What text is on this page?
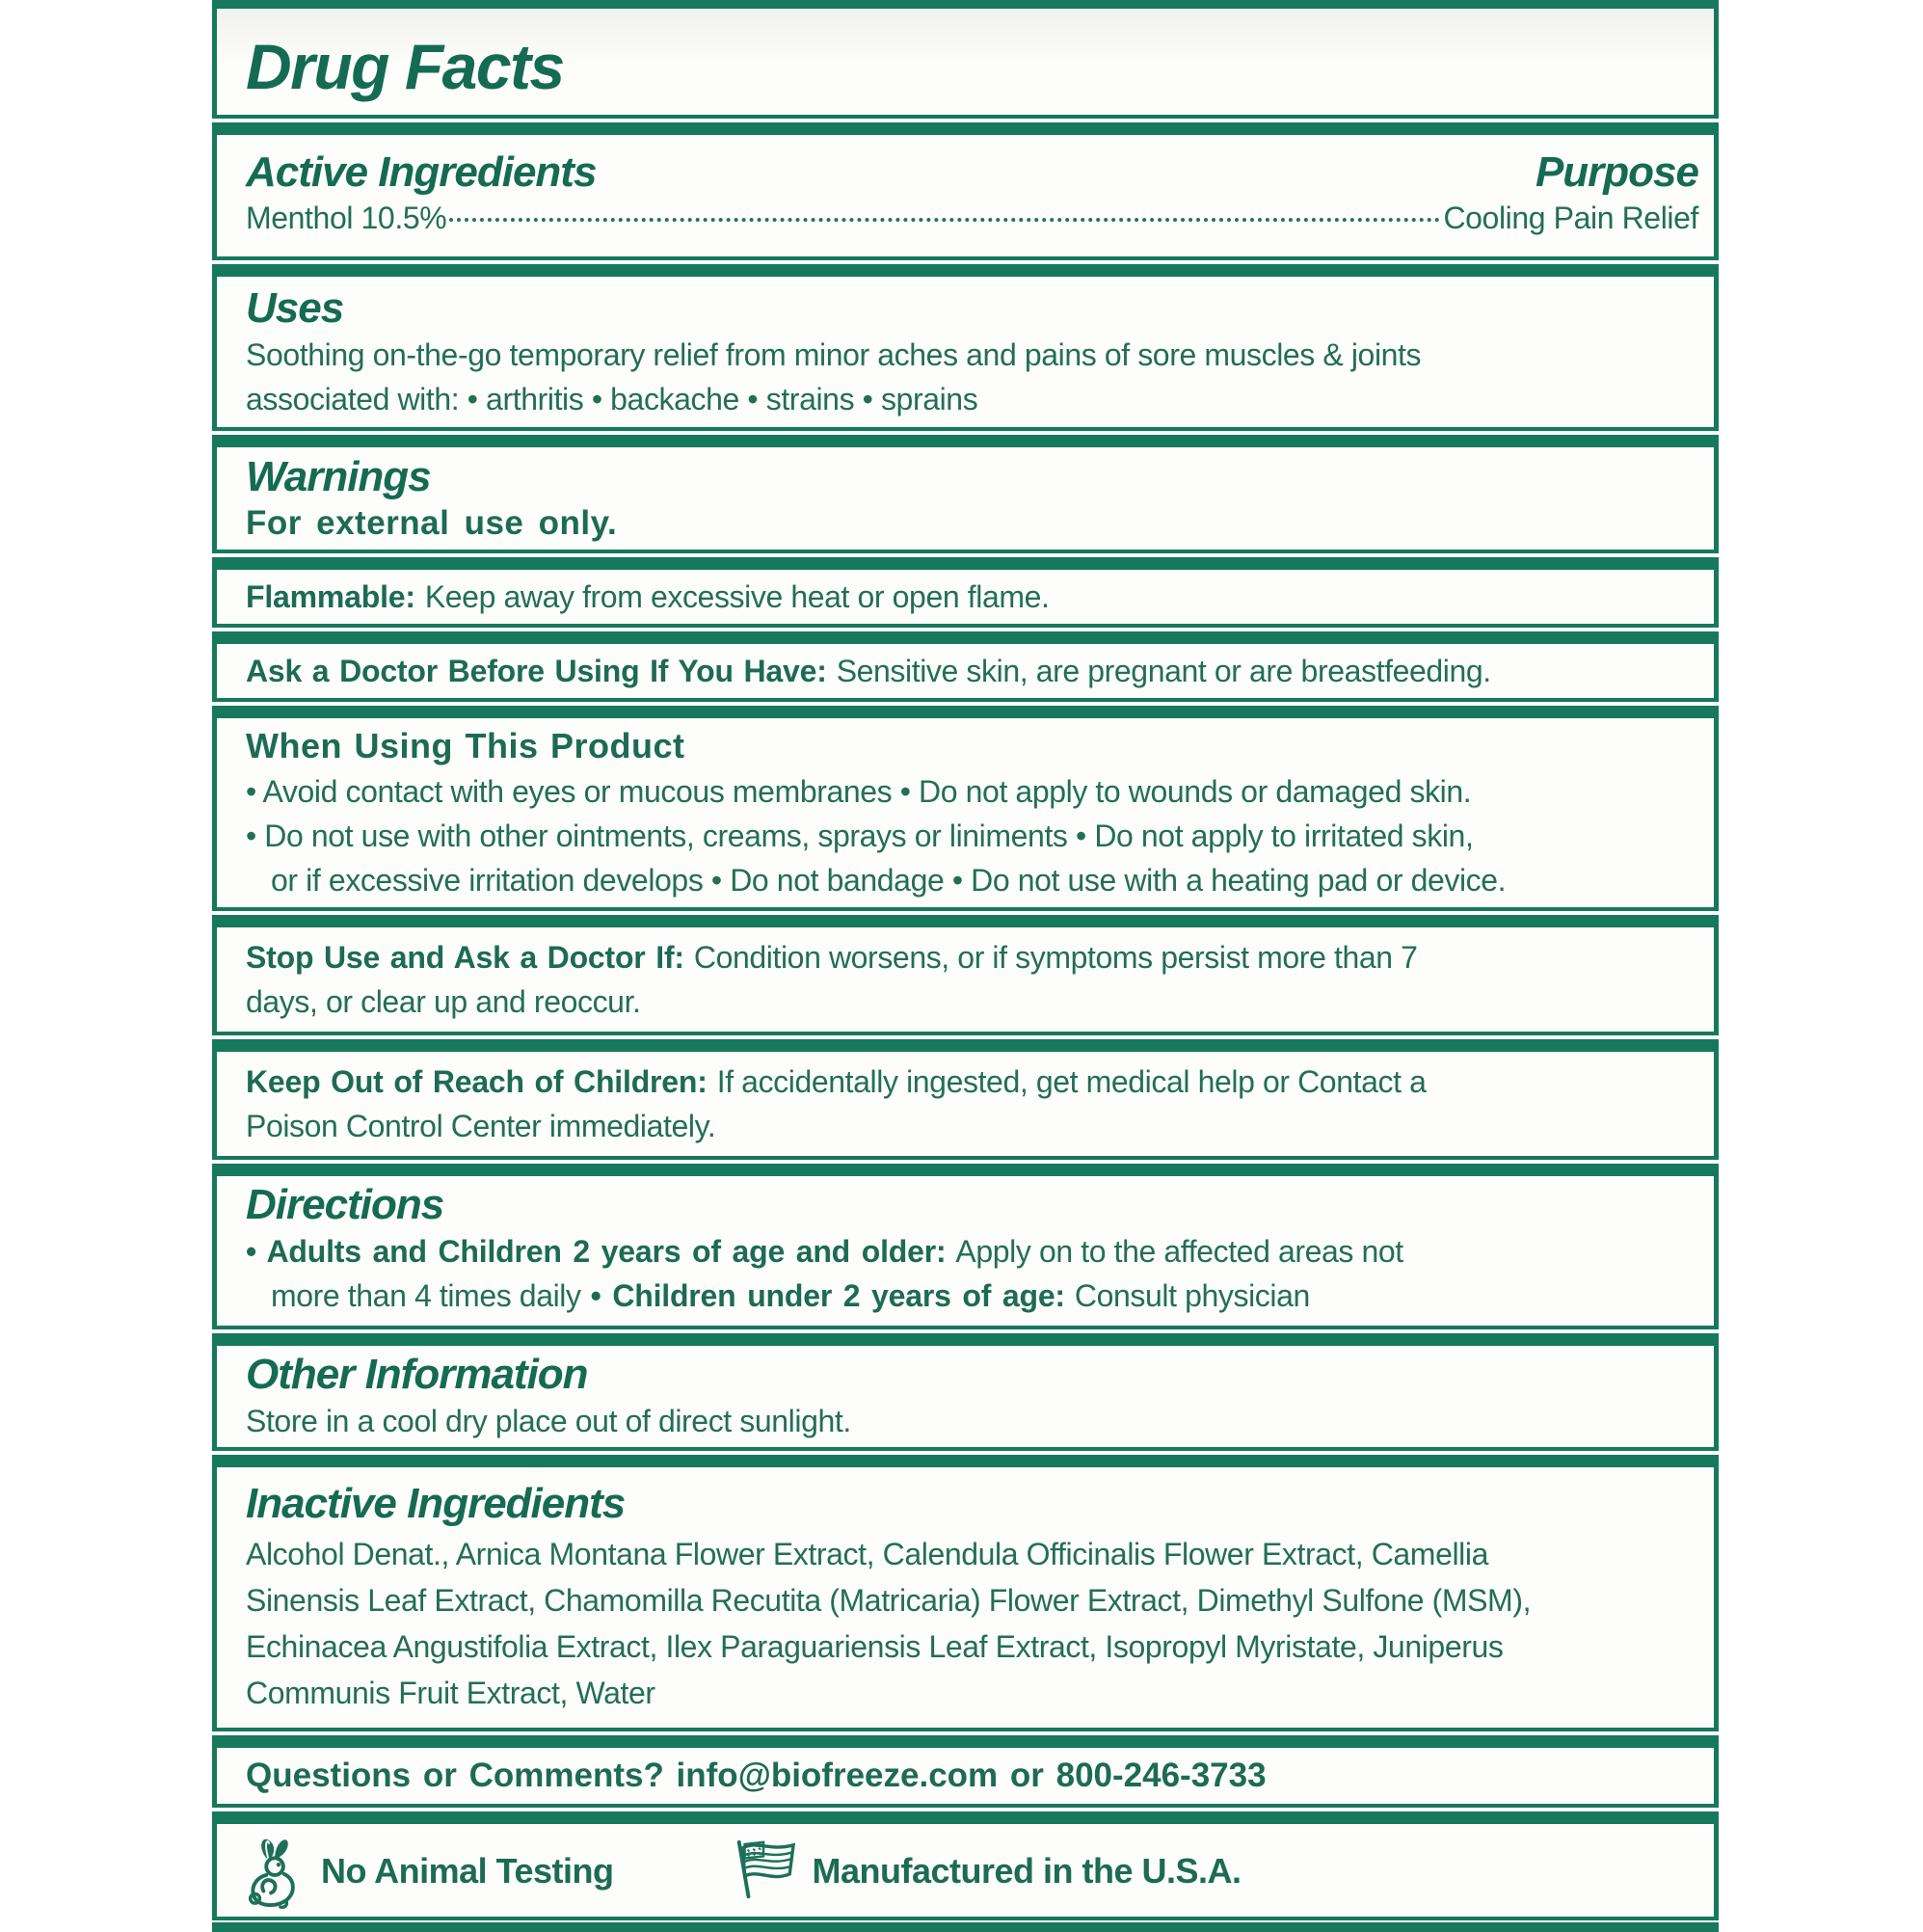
Drug Facts
Active Ingredients	Purpose
Menthol 10.5%	Cooling Pain Relief
Uses
Soothing on-the-go temporary relief from minor aches and pains of sore muscles & joints
associated with: • arthritis • backache • strains • sprains
Warnings
For external use only.
Flammable: Keep away from excessive heat or open flame.
Ask a Doctor Before Using If You Have: Sensitive skin, are pregnant or are breastfeeding.
When Using This Product
• Avoid contact with eyes or mucous membranes • Do not apply to wounds or damaged skin.
• Do not use with other ointments, creams, sprays or liniments • Do not apply to irritated skin,
or if excessive irritation develops • Do not bandage • Do not use with a heating pad or device.
Stop Use and Ask a Doctor If: Condition worsens, or if symptoms persist more than 7
days, or clear up and reoccur.
Keep Out of Reach of Children: If accidentally ingested, get medical help or Contact a
Poison Control Center immediately.
Directions
• Adults and Children 2 years of age and older: Apply on to the affected areas not
more than 4 times daily • Children under 2 years of age: Consult physician
Other Information
Store in a cool dry place out of direct sunlight.
Inactive Ingredients
Alcohol Denat., Arnica Montana Flower Extract, Calendula Officinalis Flower Extract, Camellia
Sinensis Leaf Extract, Chamomilla Recutita (Matricaria) Flower Extract, Dimethyl Sulfone (MSM),
Echinacea Angustifolia Extract, Ilex Paraguariensis Leaf Extract, Isopropyl Myristate, Juniperus
Communis Fruit Extract, Water
Questions or Comments? info@biofreeze.com or 800-246-3733
No Animal Testing	Manufactured in the U.S.A.
